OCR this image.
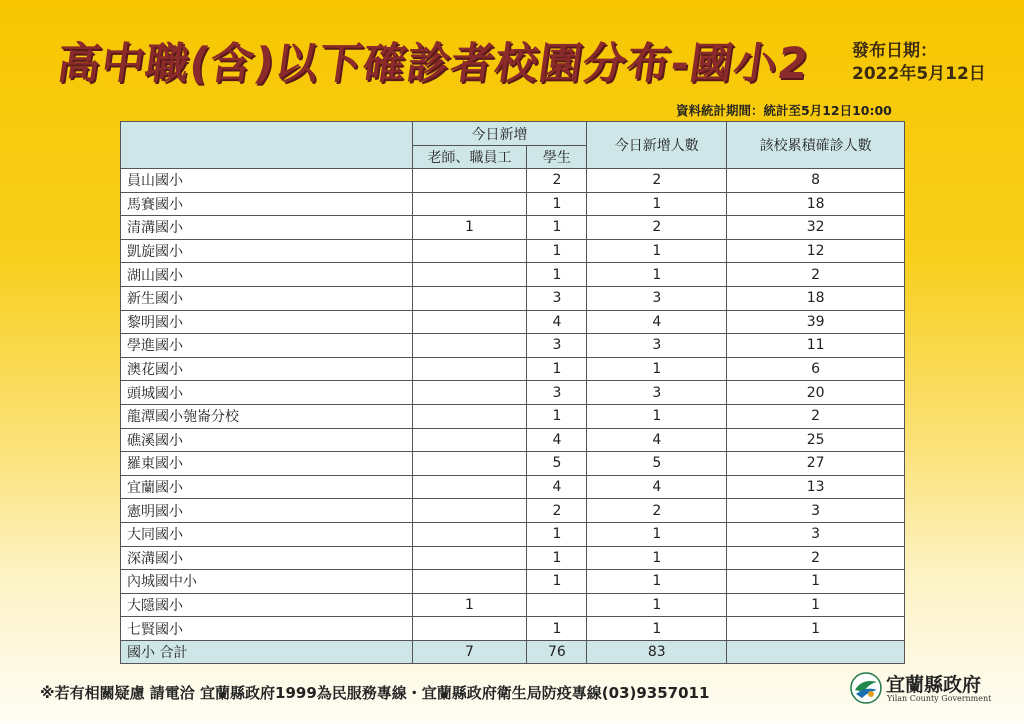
高中職(含)以下確診者校園分布-國小2 發布日期：
2022年5月12日
資料統計期間：統計至5月12日10:00
	今日新增		今日新增人數	該校累積確診人數
	老師、職員工	學生		
員山國小		2	2	8
馬賽國小		1	1	18
清溝國小	1	1	2	32
凱旋國小		1	1	12
湖山國小		1	1	2
新生國小		3	3	18
黎明國小		4	4	39
學進國小		3	3	11
澳花國小		1	1	6
頭城國小		3	3	20
龍潭國小匏崙分校		1	1	2
礁溪國小		4	4	25
羅東國小		5	5	27
宜蘭國小		4	4	13
憲明國小		2	2	3
大同國小		1	1	3
深溝國小		1	1	2
內城國中小		1	1	1
大隱國小	1		1	1
七賢國小		1	1	1
國小 合計	7	76	83	
※若有相關疑慮 請電洽 宜蘭縣政府1999為民服務專線・宜蘭縣政府衛生局防疫專線(03)9357011	宜蘭縣政府
Yilan County Government
